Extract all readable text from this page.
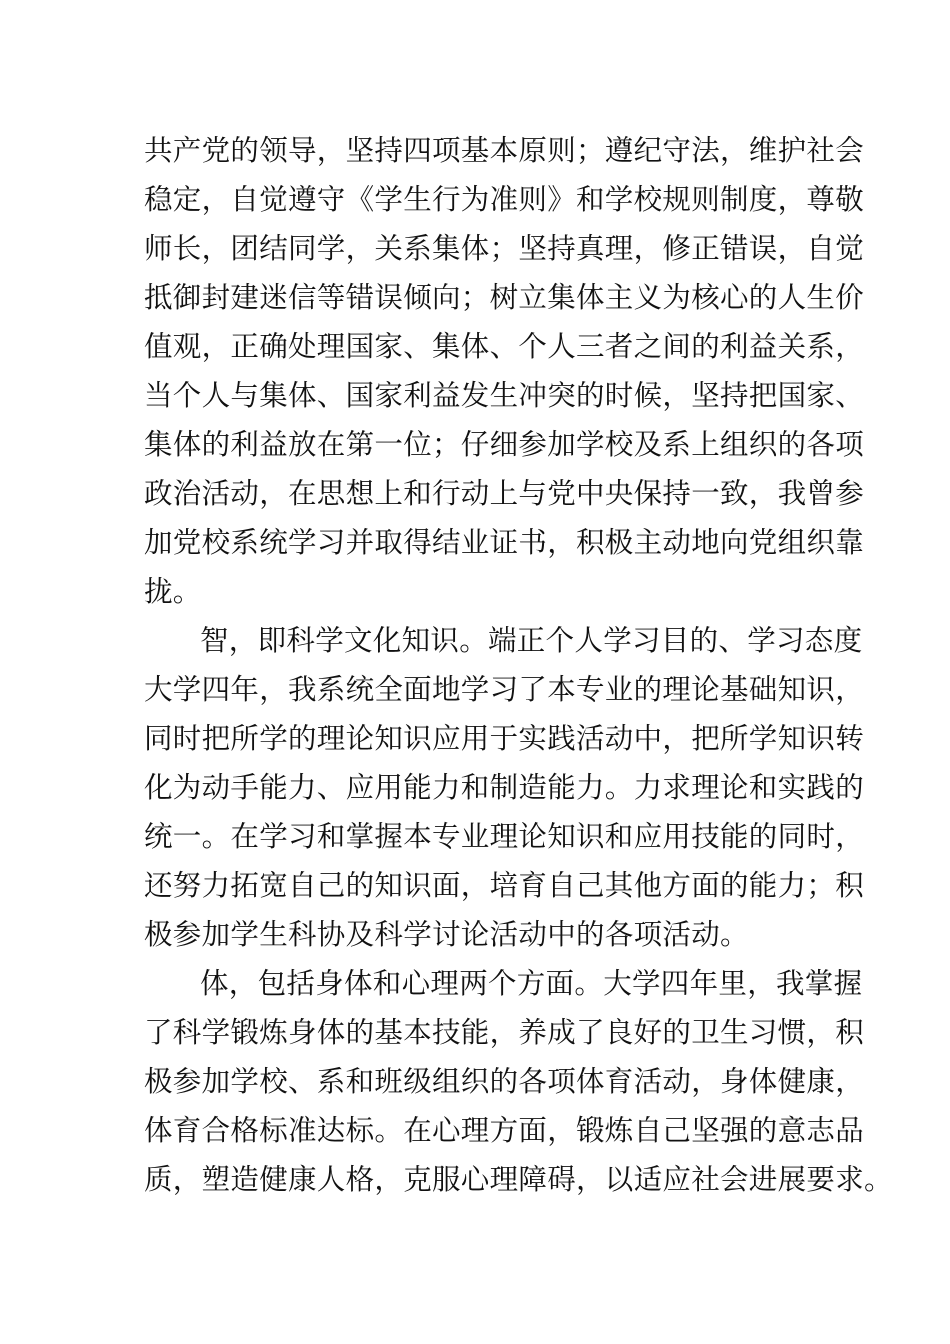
共产党的领导，坚持四项基本原则；遵纪守法，维护社会
稳定，自觉遵守《学生行为准则》和学校规则制度，尊敬
师长，团结同学，关系集体；坚持真理，修正错误，自觉
抵御封建迷信等错误倾向；树立集体主义为核心的人生价
值观，正确处理国家、集体、个人三者之间的利益关系，
当个人与集体、国家利益发生冲突的时候，坚持把国家、
集体的利益放在第一位；仔细参加学校及系上组织的各项
政治活动，在思想上和行动上与党中央保持一致，我曾参
加党校系统学习并取得结业证书，积极主动地向党组织靠
拢。
智，即科学文化知识。端正个人学习目的、学习态度
大学四年，我系统全面地学习了本专业的理论基础知识，
同时把所学的理论知识应用于实践活动中，把所学知识转
化为动手能力、应用能力和制造能力。力求理论和实践的
统一。在学习和掌握本专业理论知识和应用技能的同时，
还努力拓宽自己的知识面，培育自己其他方面的能力；积
极参加学生科协及科学讨论活动中的各项活动。
体，包括身体和心理两个方面。大学四年里，我掌握
了科学锻炼身体的基本技能，养成了良好的卫生习惯，积
极参加学校、系和班级组织的各项体育活动，身体健康，
体育合格标准达标。在心理方面，锻炼自己坚强的意志品
质，塑造健康人格，克服心理障碍，以适应社会进展要求。
